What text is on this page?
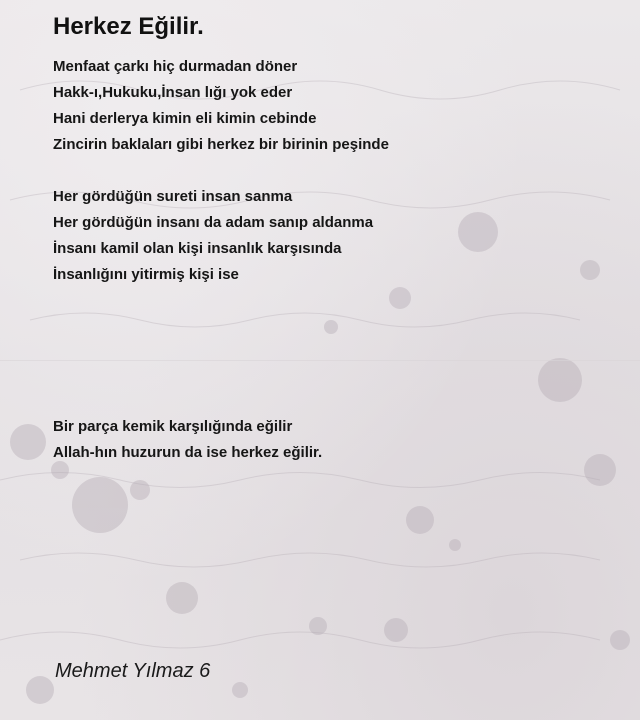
Herkez Eğilir.
Menfaat çarkı hiç durmadan döner
Hakk-ı,Hukuku,İnsan lığı yok eder
Hani derlerya kimin eli kimin cebinde
Zincirin baklaları gibi herkez bir birinin peşinde
Her gördüğün sureti insan sanma
Her gördüğün insanı da adam sanıp aldanma
İnsanı kamil olan kişi insanlık karşısında
İnsanlığını yitirmiş kişi ise
Bir parça kemik karşılığında eğilir
Allah-hın huzurun da ise herkez eğilir.
Mehmet Yılmaz 6
